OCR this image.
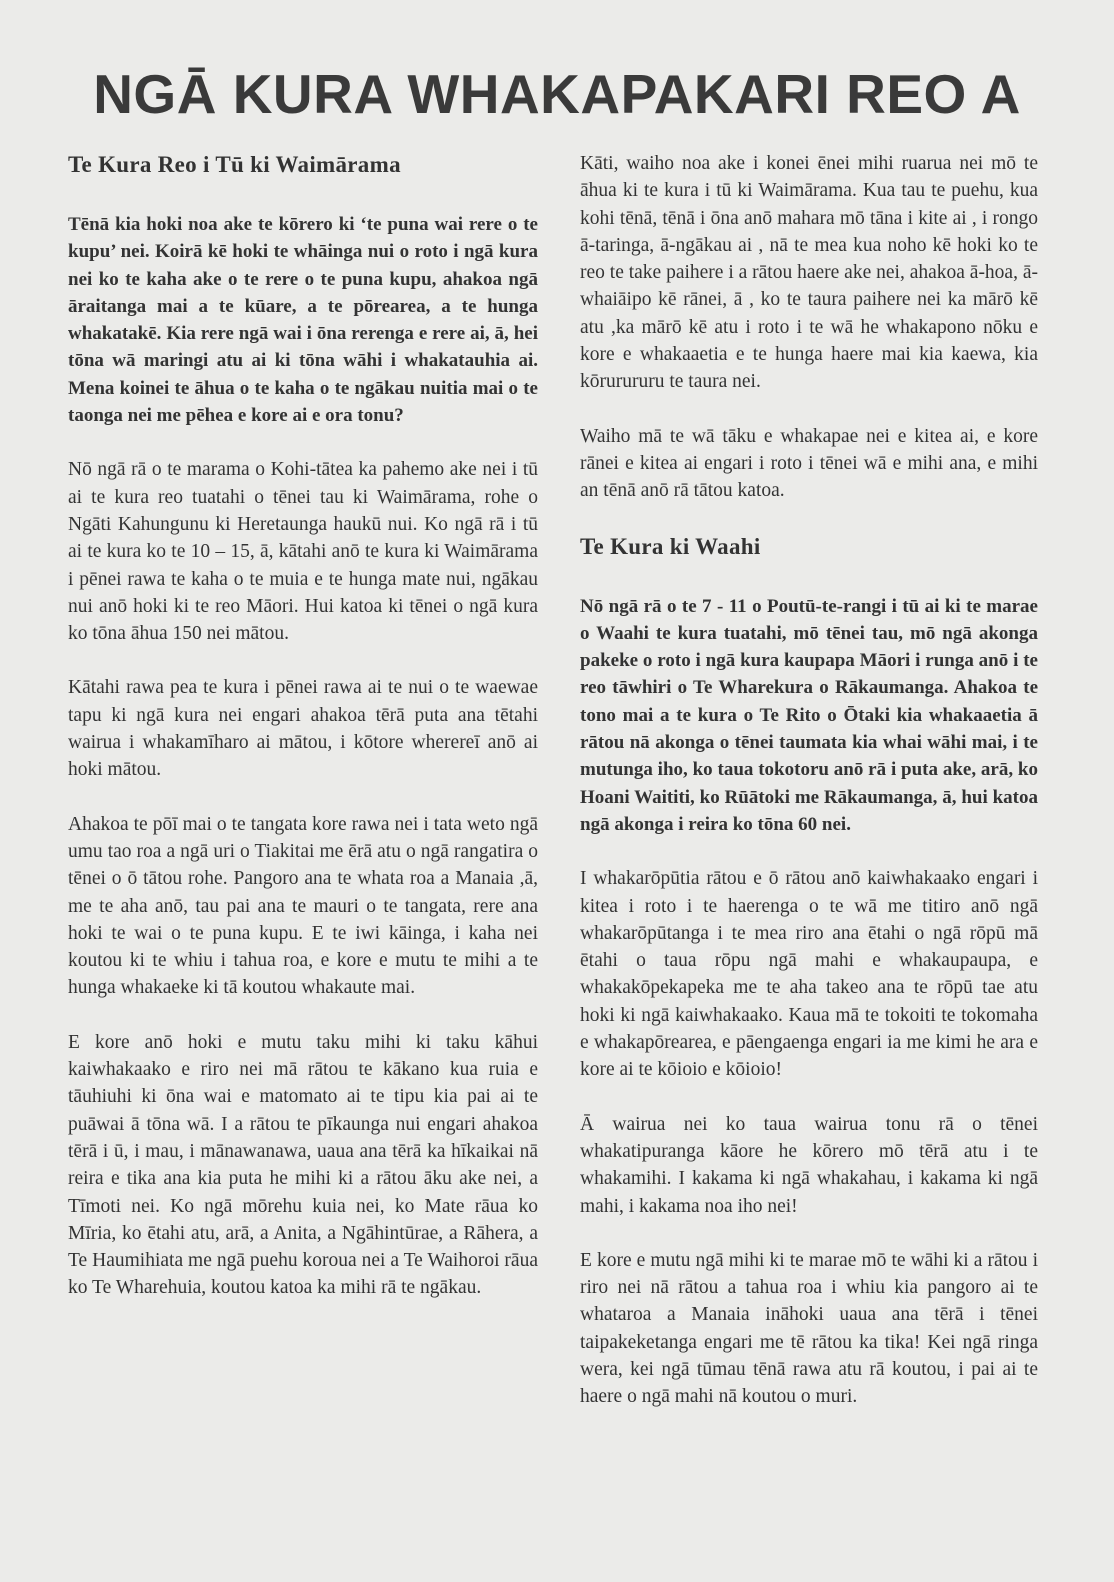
NGĀ KURA WHAKAPAKARI REO A
Te Kura Reo i Tū ki Waimārama

Tēnā kia hoki noa ake te kōrero ki ‘te puna wai rere o te kupu’ nei. Koirā kē hoki te whāinga nui o roto i ngā kura nei ko te kaha ake o te rere o te puna kupu, ahakoa ngā āraitanga mai a te kūare, a te pōrearea, a te hunga whakatakē. Kia rere ngā wai i ōna rerenga e rere ai, ā, hei tōna wā maringi atu ai ki tōna wāhi i whakatauhia ai. Mena koinei te āhua o te kaha o te ngākau nuitia mai o te taonga nei me pēhea e kore ai e ora tonu?

Nō ngā rā o te marama o Kohi-tātea ka pahemo ake nei i tū ai te kura reo tuatahi o tēnei tau ki Waimārama, rohe o Ngāti Kahungunu ki Heretaunga haukū nui. Ko ngā rā i tū ai te kura ko te 10 – 15, ā, kātahi anō te kura ki Waimārama i pēnei rawa te kaha o te muia e te hunga mate nui, ngākau nui anō hoki ki te reo Māori. Hui katoa ki tēnei o ngā kura ko tōna āhua 150 nei mātou.

Kātahi rawa pea te kura i pēnei rawa ai te nui o te waewae tapu ki ngā kura nei engari ahakoa tērā puta ana tētahi wairua i whakamīharo ai mātou, i kōtore wherereī anō ai hoki mātou.

Ahakoa te pōī mai o te tangata kore rawa nei i tata weto ngā umu tao roa a ngā uri o Tiakitai me ērā atu o ngā rangatira o tēnei o ō tātou rohe. Pangoro ana te whata roa a Manaia ,ā, me te aha anō, tau pai ana te mauri o te tangata, rere ana hoki te wai o te puna kupu. E te iwi kāinga, i kaha nei koutou ki te whiu i tahua roa, e kore e mutu te mihi a te hunga whakaeke ki tā koutou whakaute mai.

E kore anō hoki e mutu taku mihi ki taku kāhui kaiwhakaako e riro nei mā rātou te kākano kua ruia e tāuhiuhi ki ōna wai e matomato ai te tipu kia pai ai te puāwai ā tōna wā. I a rātou te pīkaunga nui engari ahakoa tērā i ū, i mau, i mānawanawa, uaua ana tērā ka hīkaikai nā reira e tika ana kia puta he mihi ki a rātou āku ake nei, a Tīmoti nei. Ko ngā mōrehu kuia nei, ko Mate rāua ko Mīria, ko ētahi atu, arā, a Anita, a Ngāhintūrae, a Rāhera, a Te Haumihiata me ngā puehu koroua nei a Te Waihoroi rāua ko Te Wharehuia, koutou katoa ka mihi rā te ngākau.

Kāti, waiho noa ake i konei ēnei mihi ruarua nei mō te āhua ki te kura i tū ki Waimārama. Kua tau te puehu, kua kohi tēnā, tēnā i ōna anō mahara mō tāna i kite ai , i rongo ā-taringa, ā-ngākau ai , nā te mea kua noho kē hoki ko te reo te take paihere i a rātou haere ake nei, ahakoa ā-hoa, ā-whaiāipo kē rānei, ā , ko te taura paihere nei ka mārō kē atu ,ka mārō kē atu i roto i te wā he whakapono nōku e kore e whakaaetia e te hunga haere mai kia kaewa, kia kōrurururu te taura nei.

Waiho mā te wā tāku e whakapae nei e kitea ai, e kore rānei e kitea ai engari i roto i tēnei wā e mihi ana, e mihi an tēnā anō rā tātou katoa.

Te Kura ki Waahi

Nō ngā rā o te 7 - 11 o Poutū-te-rangi i tū ai ki te marae o Waahi te kura tuatahi, mō tēnei tau, mō ngā akonga pakeke o roto i ngā kura kaupapa Māori i runga anō i te reo tāwhiri o Te Wharekura o Rākaumanga. Ahakoa te tono mai a te kura o Te Rito o Ōtaki kia whakaaetia ā rātou nā akonga o tēnei taumata kia whai wāhi mai, i te mutunga iho, ko taua tokotoru anō rā i puta ake, arā, ko Hoani Waititi, ko Rūātoki me Rākaumanga, ā, hui katoa ngā akonga i reira ko tōna 60 nei.

I whakarōpūtia rātou e ō rātou anō kaiwhakaako engari i kitea i roto i te haerenga o te wā me titiro anō ngā whakarōpūtanga i te mea riro ana ētahi o ngā rōpū mā ētahi o taua rōpu ngā mahi e whakaupaupa, e whakakōpekapeka me te aha takeo ana te rōpū tae atu hoki ki ngā kaiwhakaako. Kaua mā te tokoiti te tokomaha e whakapōrearea, e pāengaenga engari ia me kimi he ara e kore ai te kōioio e kōioio!

Ā wairua nei ko taua wairua tonu rā o tēnei whakatipuranga kāore he kōrero mō tērā atu i te whakamihi. I kakama ki ngā whakahau, i kakama ki ngā mahi, i kakama noa iho nei!

E kore e mutu ngā mihi ki te marae mō te wāhi ki a rātou i riro nei nā rātou a tahua roa i whiu kia pangoro ai te whataroa a Manaia ināhoki uaua ana tērā i tēnei taipakeketanga engari me tē rātou ka tika! Kei ngā ringa wera, kei ngā tūmau tēnā rawa atu rā koutou, i pai ai te haere o ngā mahi nā koutou o muri.
